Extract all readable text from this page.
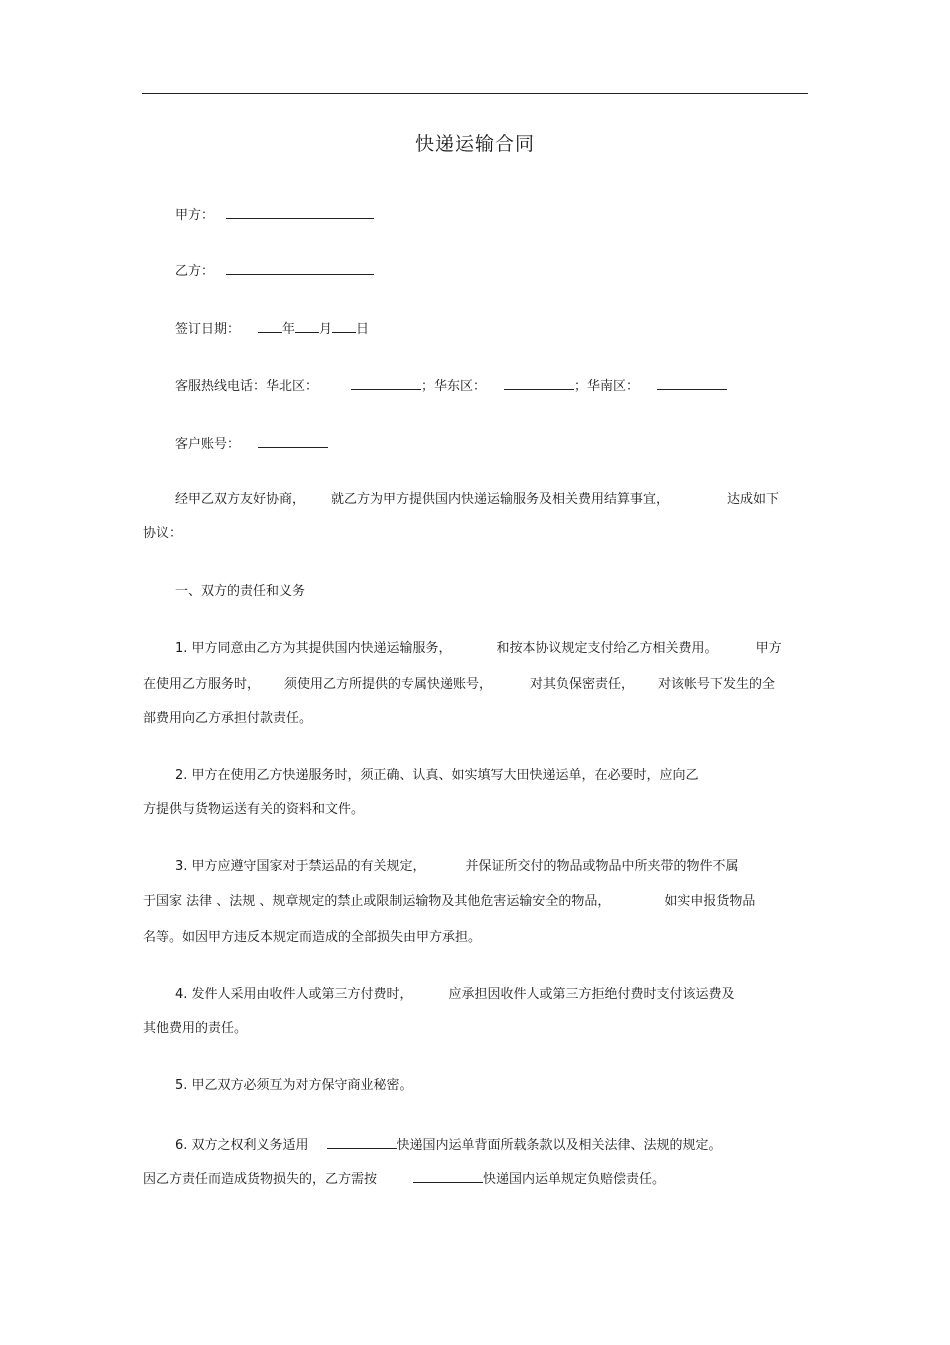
快递运输合同
甲方：
乙方：
签订日期：	年 月 日
客服热线电话：华北区：	；华东区：	；华南区：
客户账号：
经甲乙双方友好协商， 就乙方为甲方提供国内快递运输服务及相关费用结算事宜，	达成如下
协议：
一、双方的责任和义务
1. 甲方同意由乙方为其提供国内快递运输服务，	和按本协议规定支付给乙方相关费用。	甲方
在使用乙方服务时， 须使用乙方所提供的专属快递账号，	对其负保密责任， 对该帐号下发生的全
部费用向乙方承担付款责任。
2. 甲方在使用乙方快递服务时，须正确、认真、如实填写大田快递运单，在必要时，应向乙
方提供与货物运送有关的资料和文件。
3. 甲方应遵守国家对于禁运品的有关规定，	并保证所交付的物品或物品中所夹带的物件不属
于国家 法律 、法规 、规章规定的禁止或限制运输物及其他危害运输安全的物品，	如实申报货物品
名等。如因甲方违反本规定而造成的全部损失由甲方承担。
4. 发件人采用由收件人或第三方付费时，	应承担因收件人或第三方拒绝付费时支付该运费及
其他费用的责任。
5. 甲乙双方必须互为对方保守商业秘密。
6. 双方之权利义务适用	快递国内运单背面所载条款以及相关法律、法规的规定。
因乙方责任而造成货物损失的，乙方需按	快递国内运单规定负赔偿责任。
